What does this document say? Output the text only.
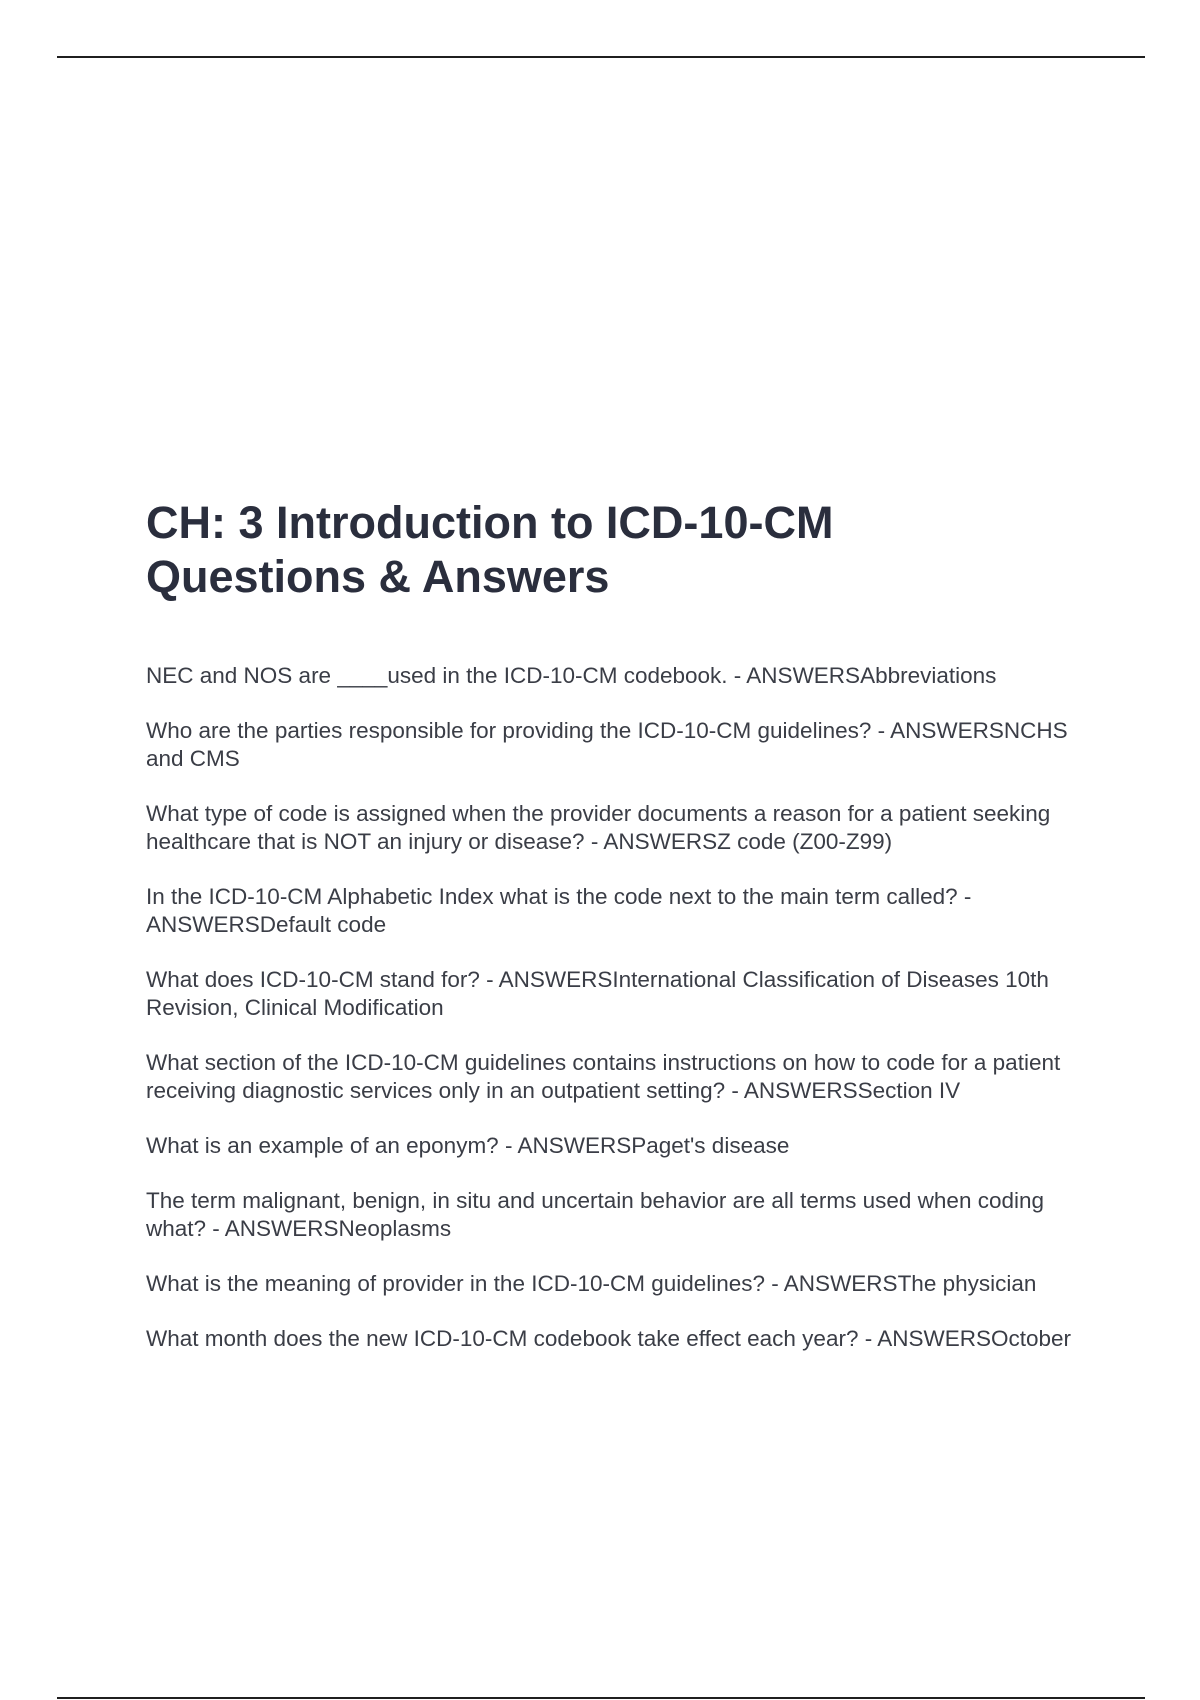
CH: 3 Introduction to ICD-10-CM
Questions & Answers

NEC and NOS are ____used in the ICD-10-CM codebook. - ANSWERSAbbreviations

Who are the parties responsible for providing the ICD-10-CM guidelines? - ANSWERSNCHS and CMS

What type of code is assigned when the provider documents a reason for a patient seeking healthcare that is NOT an injury or disease? - ANSWERSZ code (Z00-Z99)

In the ICD-10-CM Alphabetic Index what is the code next to the main term called? - ANSWERSDefault code

What does ICD-10-CM stand for? - ANSWERSInternational Classification of Diseases 10th Revision, Clinical Modification

What section of the ICD-10-CM guidelines contains instructions on how to code for a patient receiving diagnostic services only in an outpatient setting? - ANSWERSSection IV

What is an example of an eponym? - ANSWERSPaget's disease

The term malignant, benign, in situ and uncertain behavior are all terms used when coding what? - ANSWERSNeoplasms

What is the meaning of provider in the ICD-10-CM guidelines? - ANSWERSThe physician

What month does the new ICD-10-CM codebook take effect each year? - ANSWERSOctober
